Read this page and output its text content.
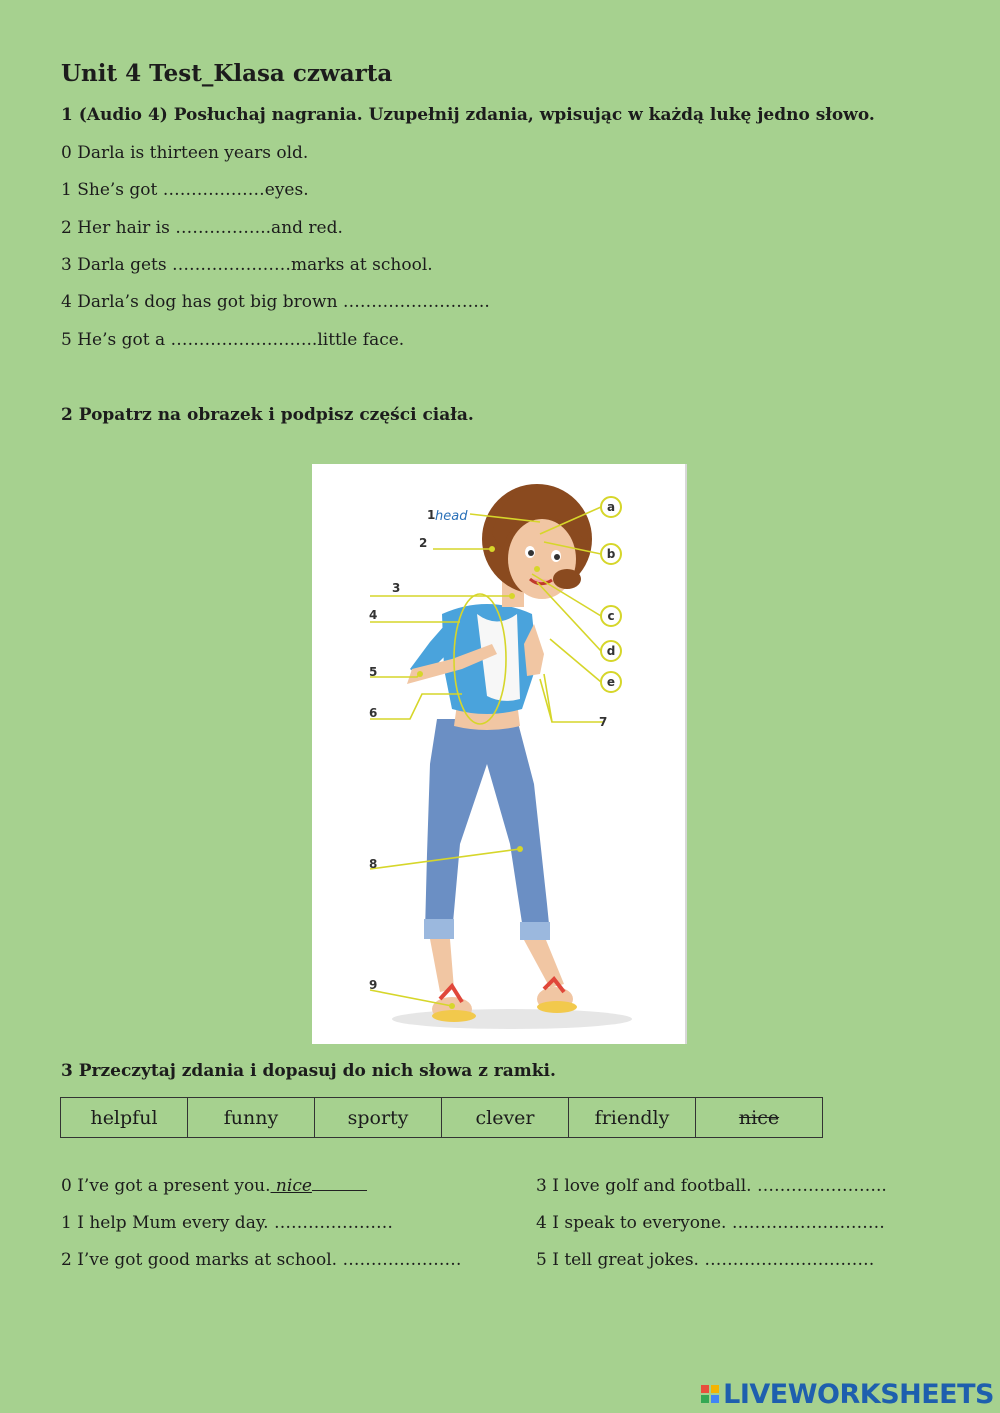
Unit 4 Test_Klasa czwarta
1 (Audio 4) Posłuchaj nagrania. Uzupełnij zdania, wpisując w każdą lukę jedno słowo.
0 Darla is thirteen years old.
1 She’s got ………………eyes.
2 Her hair is ……………..and red.
3 Darla gets …………………marks at school.
4 Darla’s dog has got big brown ……………………..
5 He’s got a ……………………..little face.
2 Popatrz na obrazek i podpisz części ciała.
a
b
c
d
e
1
2
3
4
5
6
7
8
9
head
3 Przeczytaj zdania i dopasuj do nich słowa z ramki.
helpful	funny	sporty	clever	friendly	nice
0 I’ve got a present you. nice
1 I help Mum every day. …………………
2 I’ve got good marks at school. …………………
3 I love golf and football. …………………..
4 I speak to everyone. ………………………
5 I tell great jokes. …………………………
LIVEWORKSHEETS
